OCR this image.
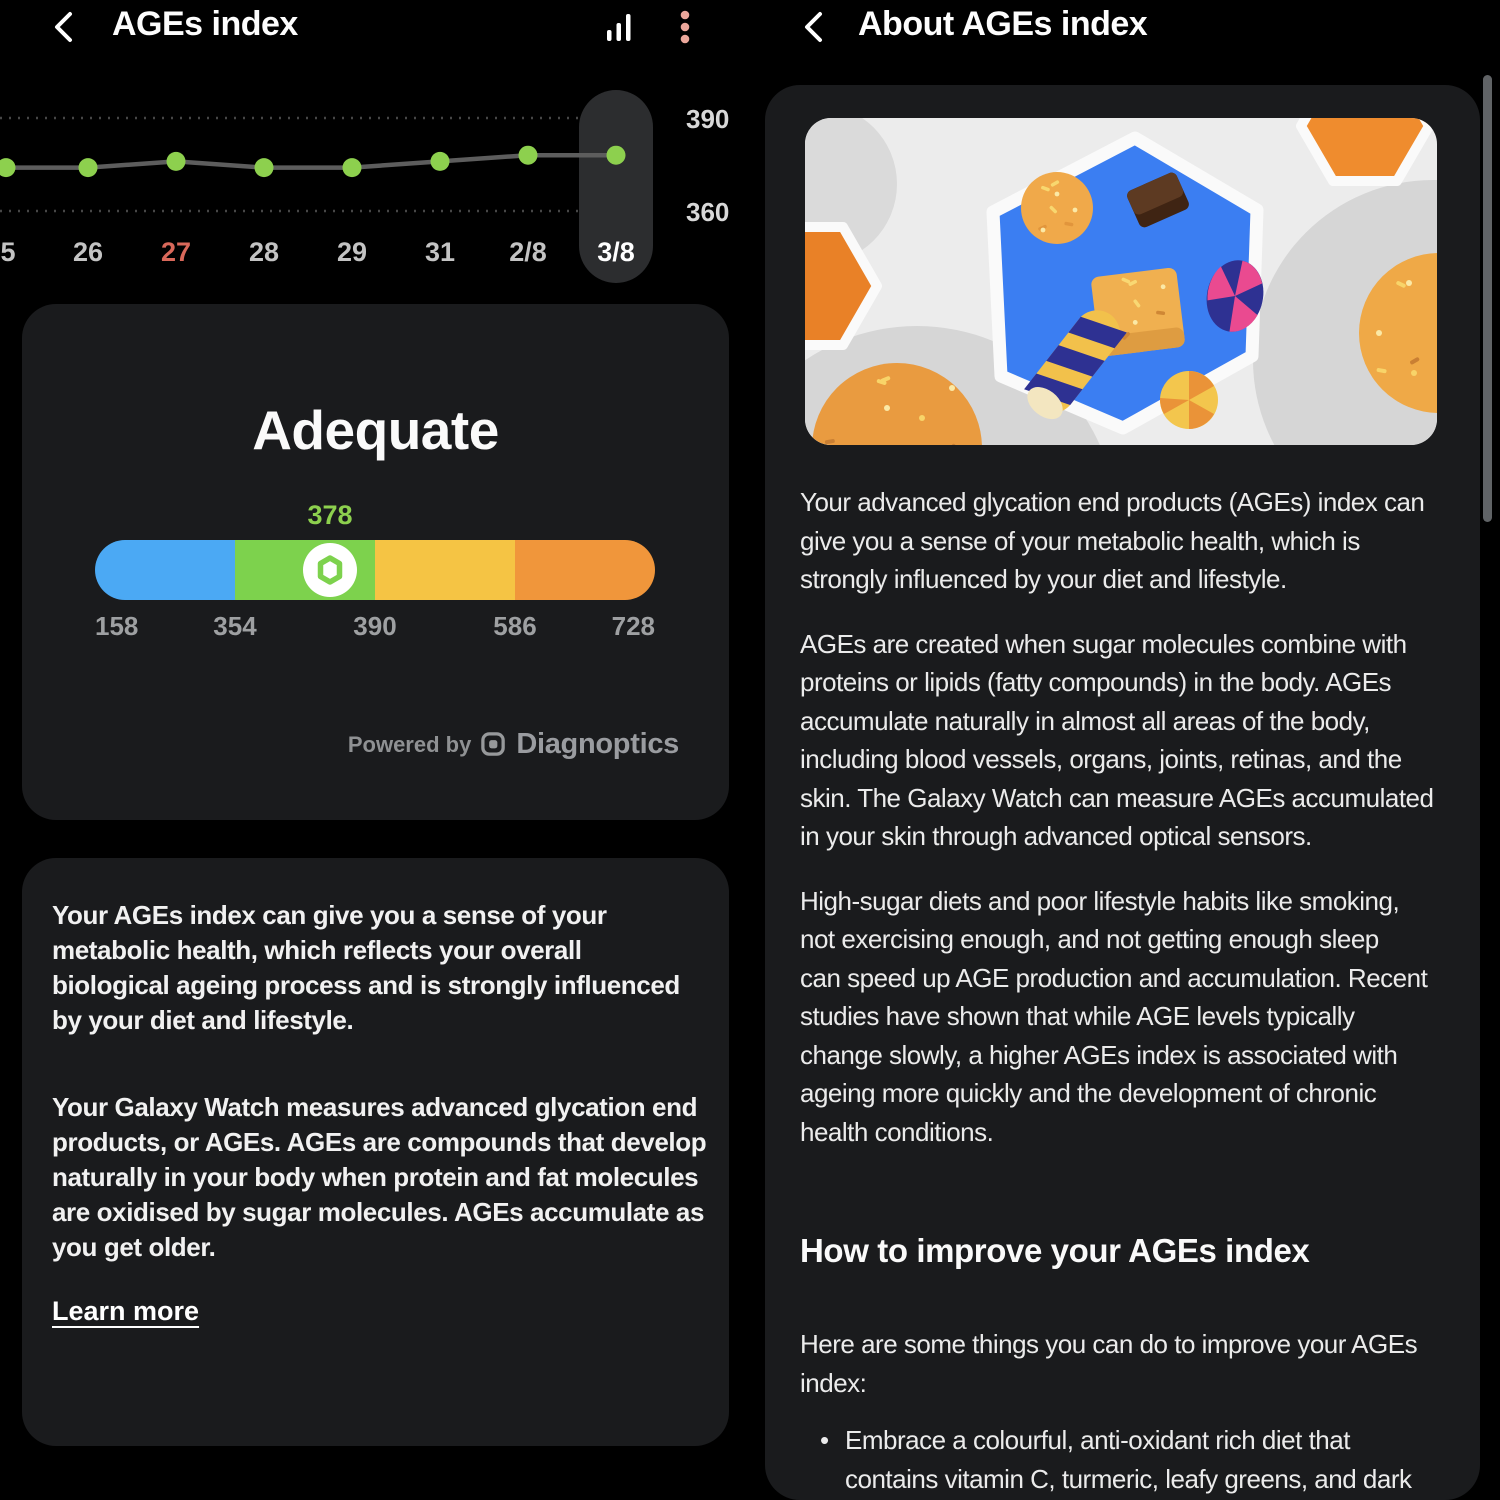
AGEs index
390
360
5 26 27 28 29 31 2/8 3/8
Adequate
378
158	354	390	586	728
Powered by Diagnoptics
Your AGEs index can give you a sense of your
metabolic health, which reflects your overall
biological ageing process and is strongly influenced
by your diet and lifestyle.
Your Galaxy Watch measures advanced glycation end
products, or AGEs. AGEs are compounds that develop
naturally in your body when protein and fat molecules
are oxidised by sugar molecules. AGEs accumulate as
you get older.
Learn more
About AGEs index
Your advanced glycation end products (AGEs) index can
give you a sense of your metabolic health, which is
strongly influenced by your diet and lifestyle.
AGEs are created when sugar molecules combine with
proteins or lipids (fatty compounds) in the body. AGEs
accumulate naturally in almost all areas of the body,
including blood vessels, organs, joints, retinas, and the
skin. The Galaxy Watch can measure AGEs accumulated
in your skin through advanced optical sensors.
High-sugar diets and poor lifestyle habits like smoking,
not exercising enough, and not getting enough sleep
can speed up AGE production and accumulation. Recent
studies have shown that while AGE levels typically
change slowly, a higher AGEs index is associated with
ageing more quickly and the development of chronic
health conditions.
How to improve your AGEs index
Here are some things you can do to improve your AGEs
index:
• Embrace a colourful, anti-oxidant rich diet that
contains vitamin C, turmeric, leafy greens, and dark
